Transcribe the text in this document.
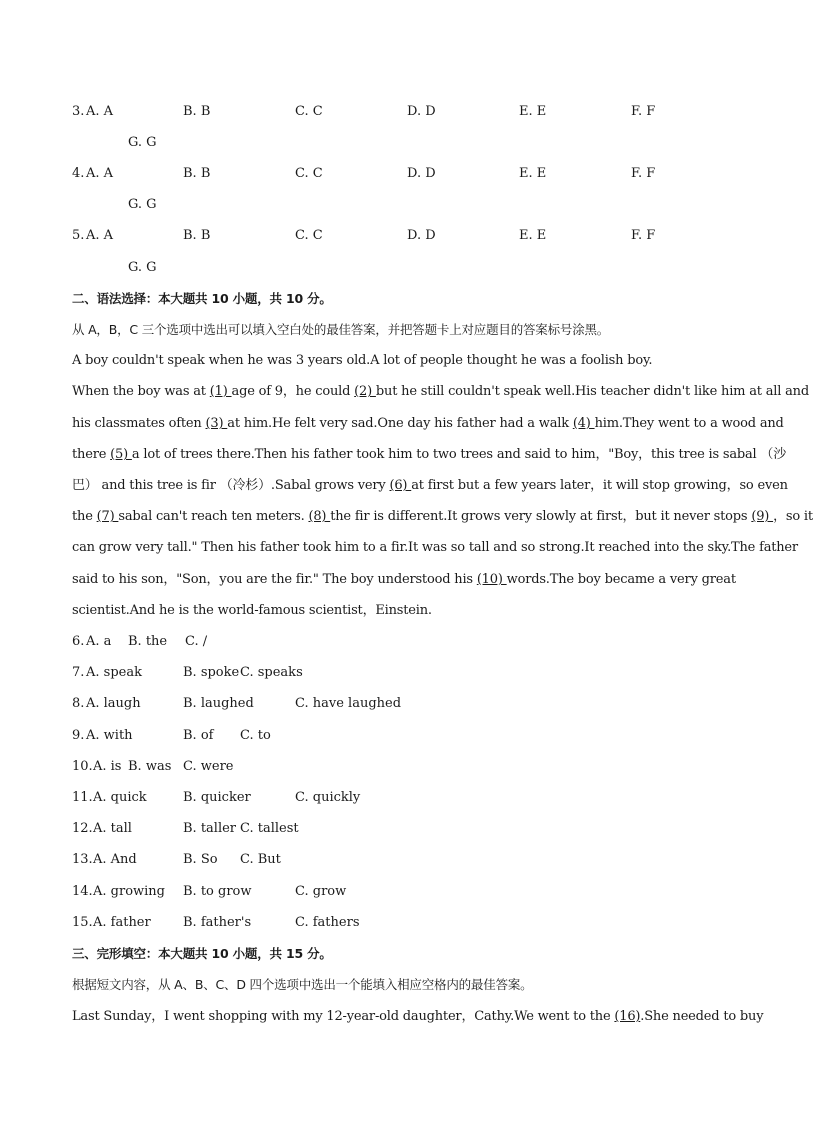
3. A. A	B. B	C. C	D. D	E. E	F. F
G. G
4. A. A	B. B	C. C	D. D	E. E	F. F
G. G
5. A. A	B. B	C. C	D. D	E. E	F. F
G. G
二、语法选择：本大题共 10 小题，共 10 分。
从 A，B，C 三个选项中选出可以填入空白处的最佳答案，并把答题卡上对应题目的答案标号涂黑。
A boy couldn't speak when he was 3 years old.A lot of people thought he was a foolish boy.
When the boy was at (1) age of 9，he could (2) but he still couldn't speak well.His teacher didn't like him at all and
his classmates often (3) at him.He felt very sad.One day his father had a walk (4) him.They went to a wood and
there (5) a lot of trees there.Then his father took him to two trees and said to him，"Boy，this tree is sabal （沙
巴） and this tree is fir （冷杉）.Sabal grows very (6) at first but a few years later，it will stop growing，so even
the (7) sabal can't reach ten meters. (8) the fir is different.It grows very slowly at first，but it never stops (9) ，so it
can grow very tall." Then his father took him to a fir.It was so tall and so strong.It reached into the sky.The father
said to his son，"Son，you are the fir." The boy understood his (10) words.The boy became a very great
scientist.And he is the world-famous scientist，Einstein.
6. A. a B. the C. /
7. A. speak	B. spoke C. speaks
8. A. laugh	B. laughed	C. have laughed
9. A. with	B. of C. to
10. A. is B. was C. were
11. A. quick	B. quicker	C. quickly
12. A. tall	B. taller C. tallest
13. A. And	B. So C. But
14. A. growing B. to grow	C. grow
15. A. father B. father's	C. fathers
三、完形填空：本大题共 10 小题，共 15 分。
根据短文内容，从 A、B、C、D 四个选项中选出一个能填入相应空格内的最佳答案。
Last Sunday，I went shopping with my 12-year-old daughter，Cathy.We went to the (16).She needed to buy
